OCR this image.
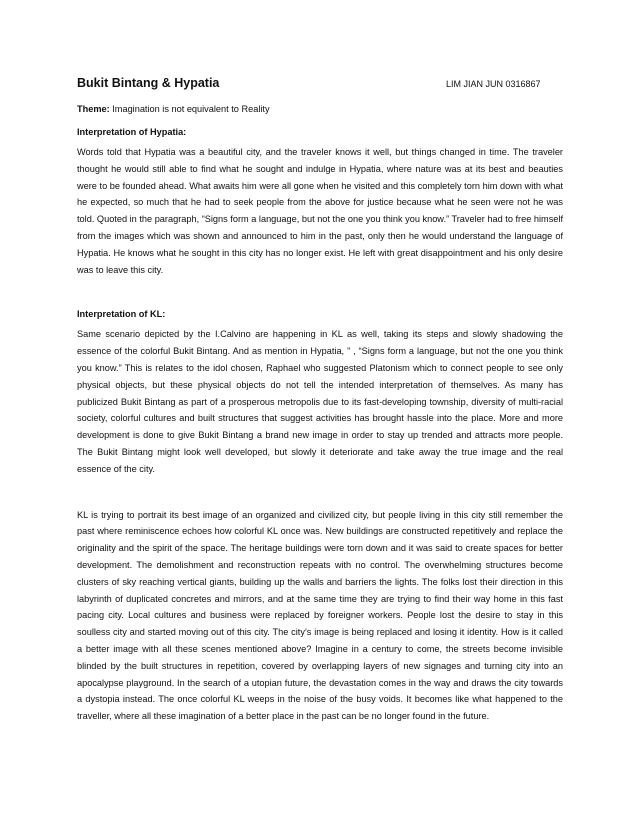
Bukit Bintang & Hypatia	LIM JIAN JUN 0316867
Theme: Imagination is not equivalent to Reality
Interpretation of Hypatia:

Words told that Hypatia was a beautiful city, and the traveler knows it well, but things changed in time. The traveler thought he would still able to find what he sought and indulge in Hypatia, where nature was at its best and beauties were to be founded ahead. What awaits him were all gone when he visited and this completely torn him down with what he expected, so much that he had to seek people from the above for justice because what he seen were not he was told. Quoted in the paragraph, “Signs form a language, but not the one you think you know.” Traveler had to free himself from the images which was shown and announced to him in the past, only then he would understand the language of Hypatia. He knows what he sought in this city has no longer exist. He left with great disappointment and his only desire was to leave this city.

Interpretation of KL:

Same scenario depicted by the I.Calvino are happening in KL as well, taking its steps and slowly shadowing the essence of the colorful Bukit Bintang. And as mention in Hypatia, ” , “Signs form a language, but not the one you think you know.” This is relates to the idol chosen, Raphael who suggested Platonism which to connect people to see only physical objects, but these physical objects do not tell the intended interpretation of themselves. As many has publicized Bukit Bintang as part of a prosperous metropolis due to its fast-developing township, diversity of multi-racial society, colorful cultures and built structures that suggest activities has brought hassle into the place. More and more development is done to give Bukit Bintang a brand new image in order to stay up trended and attracts more people. The Bukit Bintang might look well developed, but slowly it deteriorate and take away the true image and the real essence of the city.

KL is trying to portrait its best image of an organized and civilized city, but people living in this city still remember the past where reminiscence echoes how colorful KL once was. New buildings are constructed repetitively and replace the originality and the spirit of the space. The heritage buildings were torn down and it was said to create spaces for better development. The demolishment and reconstruction repeats with no control. The overwhelming structures become clusters of sky reaching vertical giants, building up the walls and barriers the lights. The folks lost their direction in this labyrinth of duplicated concretes and mirrors, and at the same time they are trying to find their way home in this fast pacing city. Local cultures and business were replaced by foreigner workers. People lost the desire to stay in this soulless city and started moving out of this city. The city’s image is being replaced and losing it identity. How is it called a better image with all these scenes mentioned above? Imagine in a century to come, the streets become invisible blinded by the built structures in repetition, covered by overlapping layers of new signages and turning city into an apocalypse playground. In the search of a utopian future, the devastation comes in the way and draws the city towards a dystopia instead. The once colorful KL weeps in the noise of the busy voids. It becomes like what happened to the traveller, where all these imagination of a better place in the past can be no longer found in the future.
